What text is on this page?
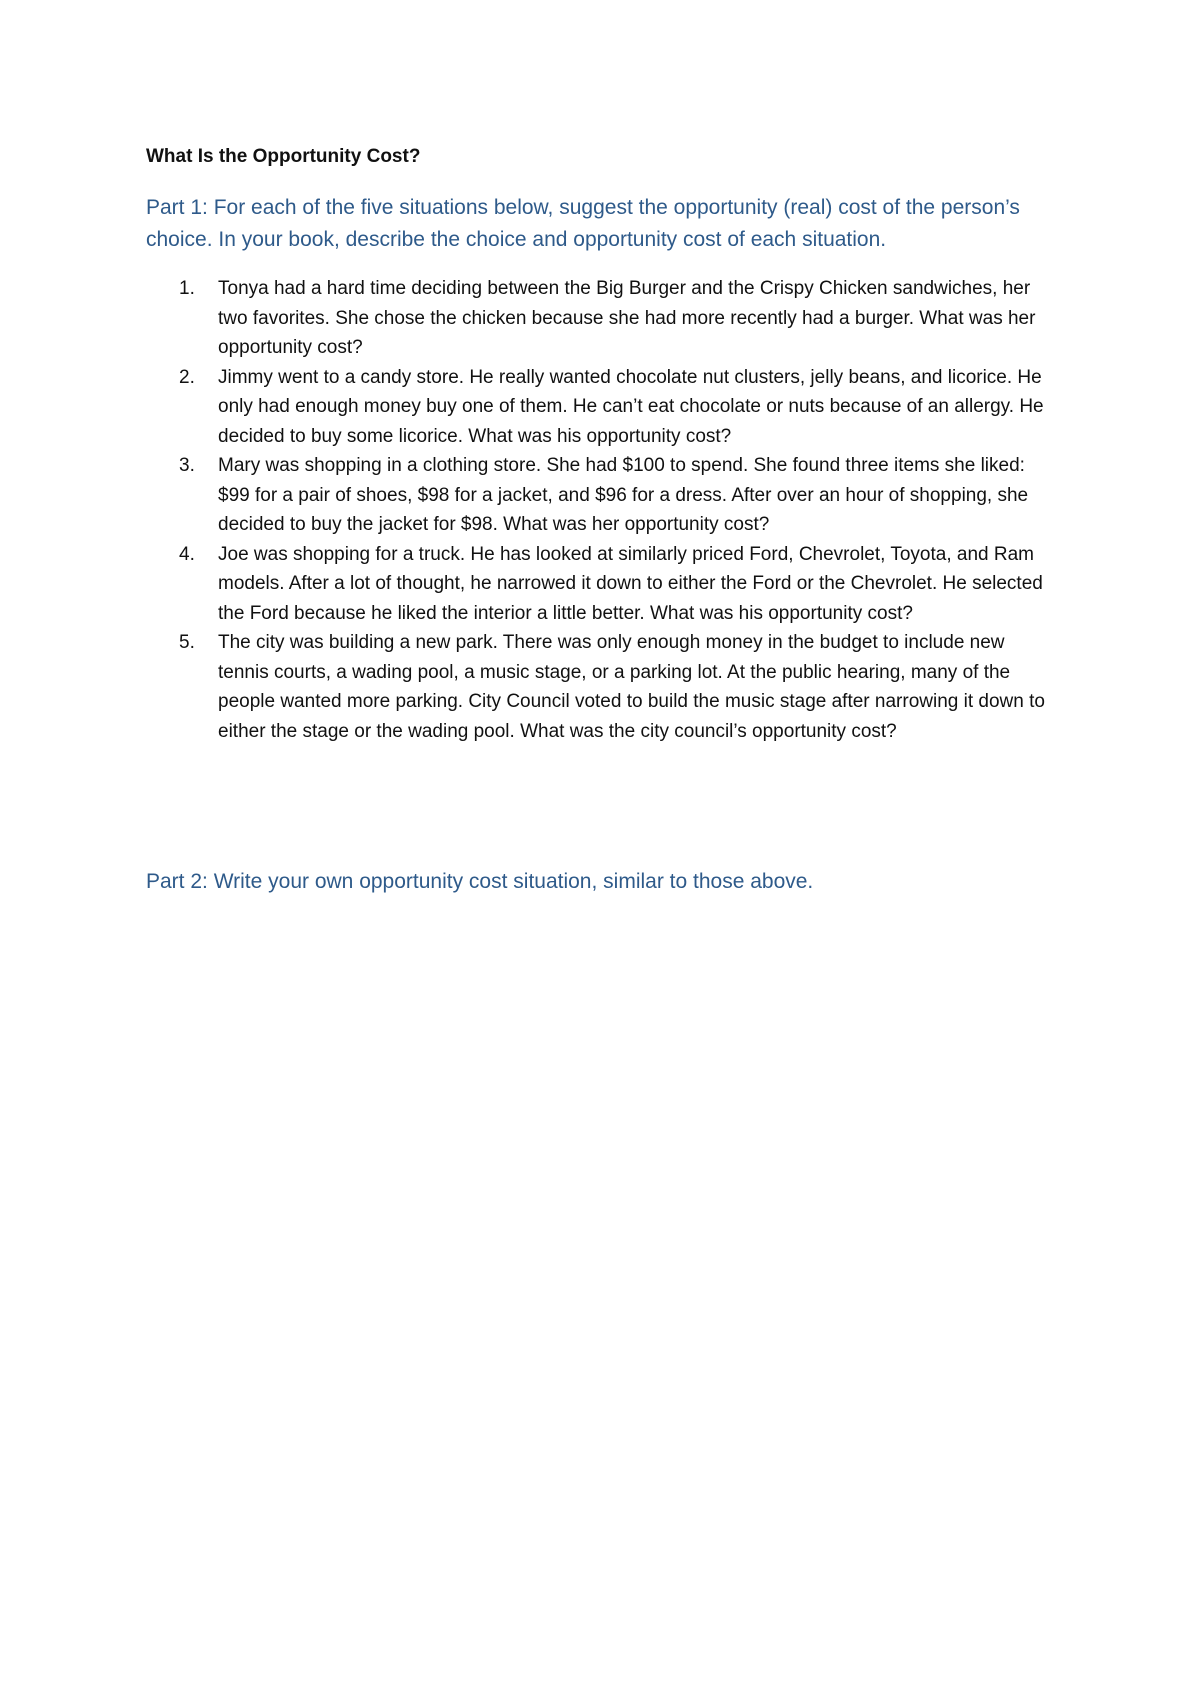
What Is the Opportunity Cost?

Part 1: For each of the five situations below, suggest the opportunity (real) cost of the person’s choice. In your book, describe the choice and opportunity cost of each situation.

1.	Tonya had a hard time deciding between the Big Burger and the Crispy Chicken sandwiches, her two favorites. She chose the chicken because she had more recently had a burger. What was her opportunity cost?
2.	Jimmy went to a candy store. He really wanted chocolate nut clusters, jelly beans, and licorice. He only had enough money buy one of them. He can’t eat chocolate or nuts because of an allergy. He decided to buy some licorice. What was his opportunity cost?
3.	Mary was shopping in a clothing store. She had $100 to spend. She found three items she liked: $99 for a pair of shoes, $98 for a jacket, and $96 for a dress. After over an hour of shopping, she decided to buy the jacket for $98. What was her opportunity cost?
4.	Joe was shopping for a truck. He has looked at similarly priced Ford, Chevrolet, Toyota, and Ram models. After a lot of thought, he narrowed it down to either the Ford or the Chevrolet. He selected the Ford because he liked the interior a little better. What was his opportunity cost?
5.	The city was building a new park. There was only enough money in the budget to include new tennis courts, a wading pool, a music stage, or a parking lot. At the public hearing, many of the people wanted more parking. City Council voted to build the music stage after narrowing it down to either the stage or the wading pool. What was the city council’s opportunity cost?

Part 2: Write your own opportunity cost situation, similar to those above.
